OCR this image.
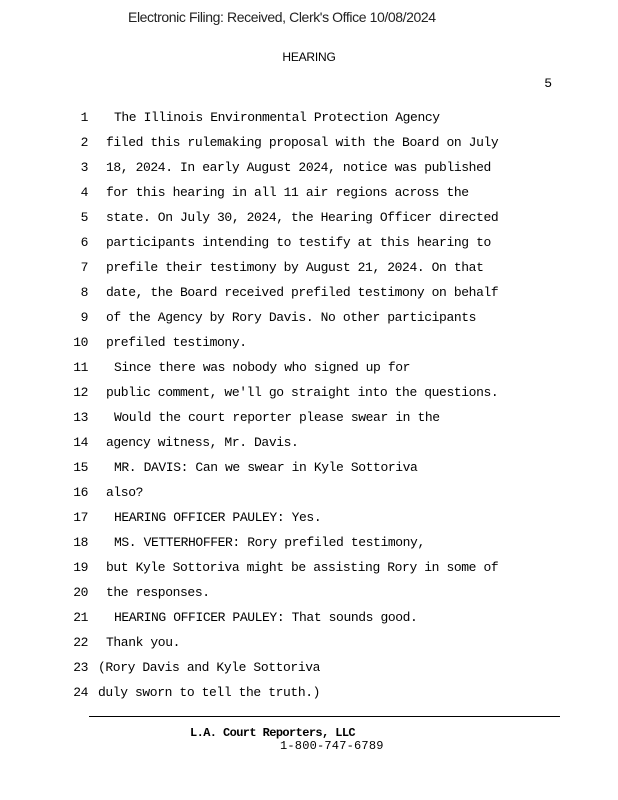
Electronic Filing: Received, Clerk's Office 10/08/2024
HEARING
5
1 The Illinois Environmental Protection Agency
2 filed this rulemaking proposal with the Board on July
3 18, 2024. In early August 2024, notice was published
4 for this hearing in all 11 air regions across the
5 state. On July 30, 2024, the Hearing Officer directed
6 participants intending to testify at this hearing to
7 prefile their testimony by August 21, 2024. On that
8 date, the Board received prefiled testimony on behalf
9 of the Agency by Rory Davis. No other participants
10 prefiled testimony.
11 Since there was nobody who signed up for
12 public comment, we'll go straight into the questions.
13 Would the court reporter please swear in the
14 agency witness, Mr. Davis.
15 MR. DAVIS: Can we swear in Kyle Sottoriva
16 also?
17 HEARING OFFICER PAULEY: Yes.
18 MS. VETTERHOFFER: Rory prefiled testimony,
19 but Kyle Sottoriva might be assisting Rory in some of
20 the responses.
21 HEARING OFFICER PAULEY: That sounds good.
22 Thank you.
23 (Rory Davis and Kyle Sottoriva
24 duly sworn to tell the truth.)
L.A. Court Reporters, LLC
1-800-747-6789
